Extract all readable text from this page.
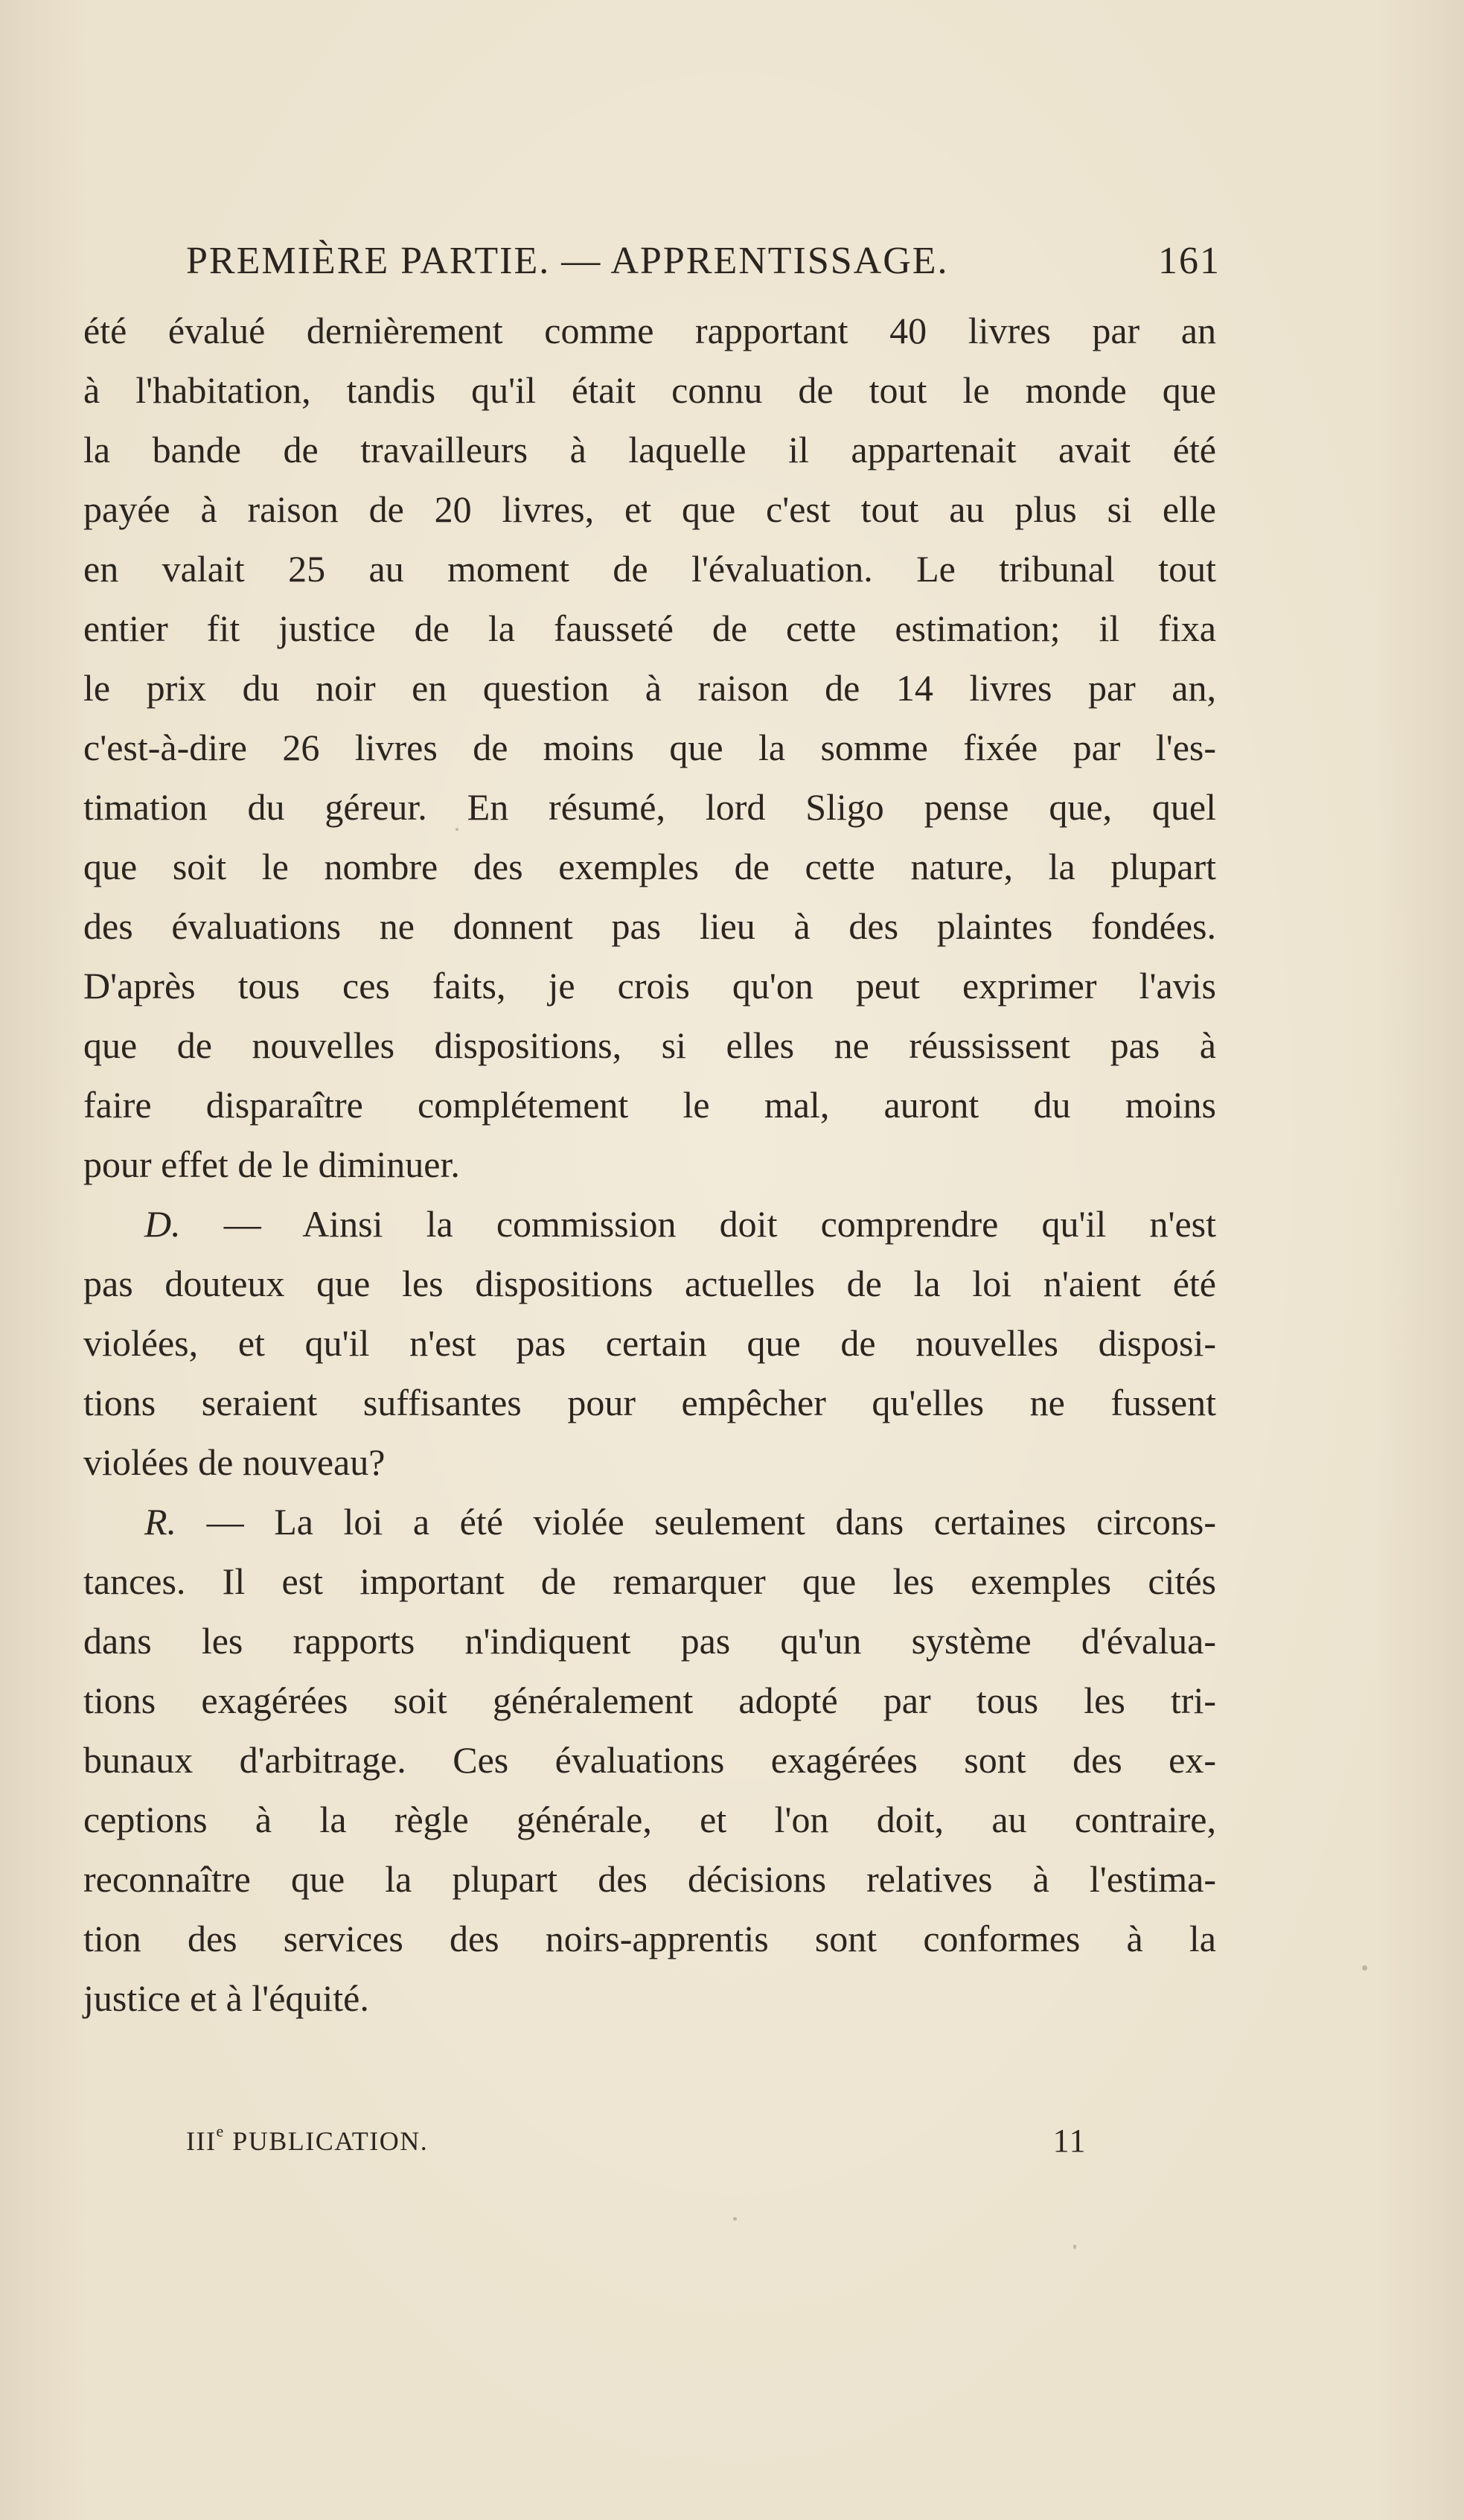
PREMIÈRE PARTIE. — APPRENTISSAGE.	161
été évalué dernièrement comme rapportant 40 livres par an
à l'habitation, tandis qu'il était connu de tout le monde que
la bande de travailleurs à laquelle il appartenait avait été
payée à raison de 20 livres, et que c'est tout au plus si elle
en valait 25 au moment de l'évaluation. Le tribunal tout
entier fit justice de la fausseté de cette estimation; il fixa
le prix du noir en question à raison de 14 livres par an,
c'est-à-dire 26 livres de moins que la somme fixée par l'es-
timation du géreur. En résumé, lord Sligo pense que, quel
que soit le nombre des exemples de cette nature, la plupart
des évaluations ne donnent pas lieu à des plaintes fondées.
D'après tous ces faits, je crois qu'on peut exprimer l'avis
que de nouvelles dispositions, si elles ne réussissent pas à
faire disparaître complétement le mal, auront du moins
pour effet de le diminuer.
D. — Ainsi la commission doit comprendre qu'il n'est
pas douteux que les dispositions actuelles de la loi n'aient été
violées, et qu'il n'est pas certain que de nouvelles disposi-
tions seraient suffisantes pour empêcher qu'elles ne fussent
violées de nouveau?
R. — La loi a été violée seulement dans certaines circons-
tances. Il est important de remarquer que les exemples cités
dans les rapports n'indiquent pas qu'un système d'évalua-
tions exagérées soit généralement adopté par tous les tri-
bunaux d'arbitrage. Ces évaluations exagérées sont des ex-
ceptions à la règle générale, et l'on doit, au contraire,
reconnaître que la plupart des décisions relatives à l'estima-
tion des services des noirs-apprentis sont conformes à la
justice et à l'équité.
IIIe PUBLICATION.	11
